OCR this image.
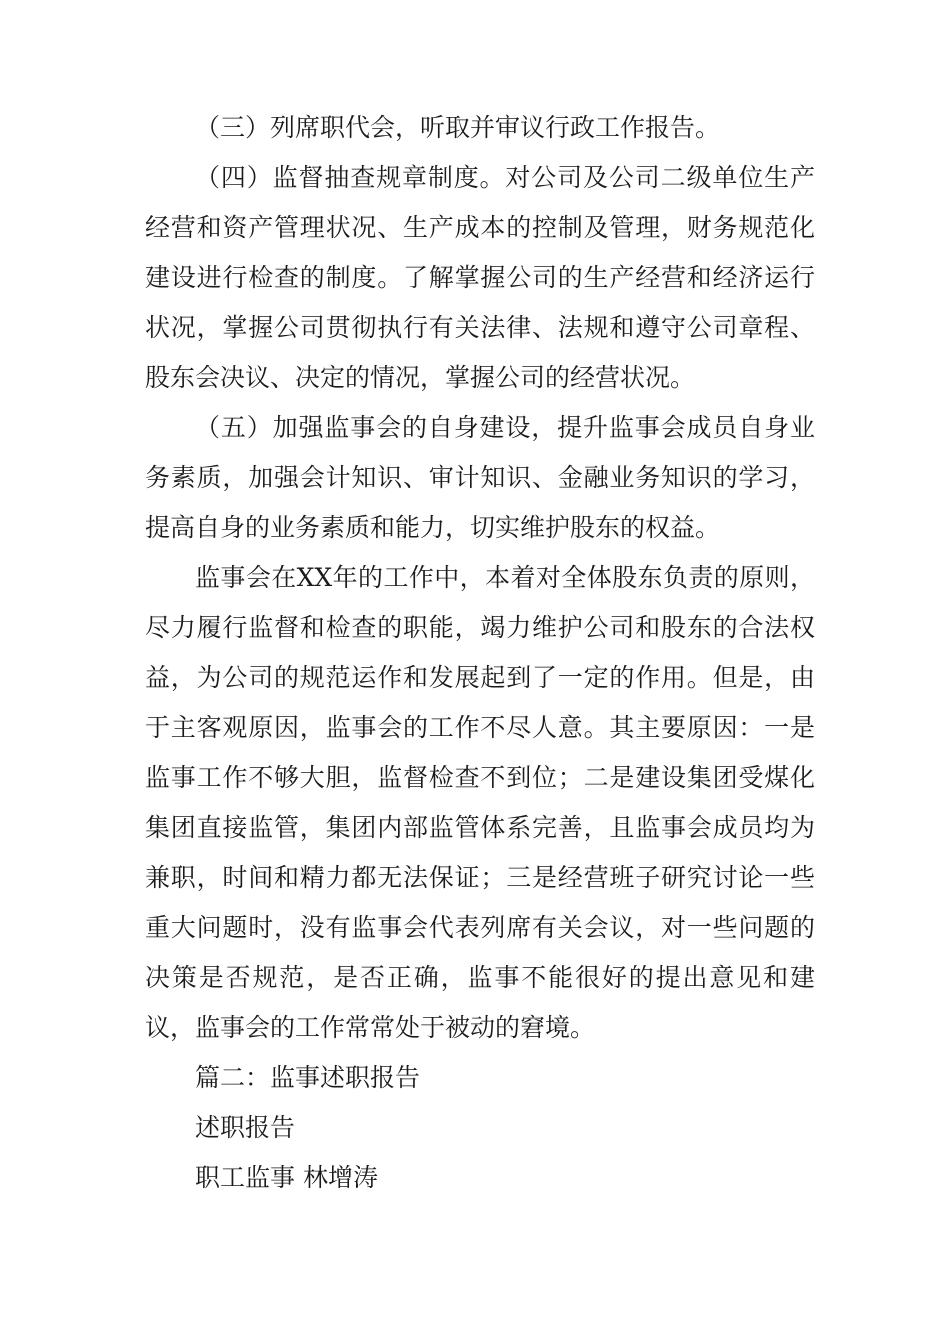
（三）列席职代会，听取并审议行政工作报告。

（四）监督抽查规章制度。对公司及公司二级单位生产经营和资产管理状况、生产成本的控制及管理，财务规范化建设进行检查的制度。了解掌握公司的生产经营和经济运行状况，掌握公司贯彻执行有关法律、法规和遵守公司章程、股东会决议、决定的情况，掌握公司的经营状况。

（五）加强监事会的自身建设，提升监事会成员自身业务素质，加强会计知识、审计知识、金融业务知识的学习，提高自身的业务素质和能力，切实维护股东的权益。

监事会在XX年的工作中，本着对全体股东负责的原则，尽力履行监督和检查的职能，竭力维护公司和股东的合法权益，为公司的规范运作和发展起到了一定的作用。但是，由于主客观原因，监事会的工作不尽人意。其主要原因：一是监事工作不够大胆，监督检查不到位；二是建设集团受煤化集团直接监管，集团内部监管体系完善，且监事会成员均为兼职，时间和精力都无法保证；三是经营班子研究讨论一些重大问题时，没有监事会代表列席有关会议，对一些问题的决策是否规范，是否正确，监事不能很好的提出意见和建议，监事会的工作常常处于被动的窘境。

篇二：监事述职报告

述职报告

职工监事 林增涛
